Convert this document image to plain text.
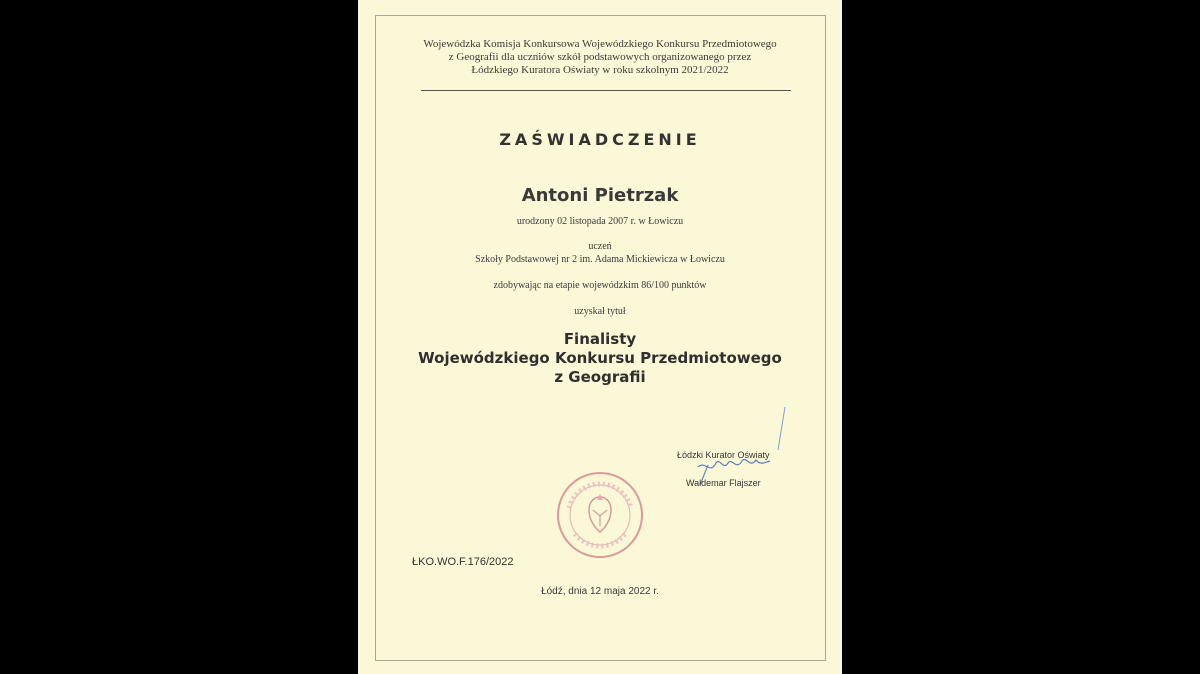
Wojewódzka Komisja Konkursowa Wojewódzkiego Konkursu Przedmiotowego
z Geografii dla uczniów szkół podstawowych organizowanego przez
Łódzkiego Kuratora Oświaty w roku szkolnym 2021/2022
ZAŚWIADCZENIE
Antoni Pietrzak
urodzony 02 listopada 2007 r. w Łowiczu
uczeń
Szkoły Podstawowej nr 2 im. Adama Mickiewicza w Łowiczu
zdobywając na etapie wojewódzkim 86/100 punktów
uzyskał tytuł
Finalisty
Wojewódzkiego Konkursu Przedmiotowego
z Geografii
Łódzki Kurator Oświaty
Waldemar Flajszer
ŁKO.WO.F.176/2022
Łódź, dnia 12 maja 2022 r.
